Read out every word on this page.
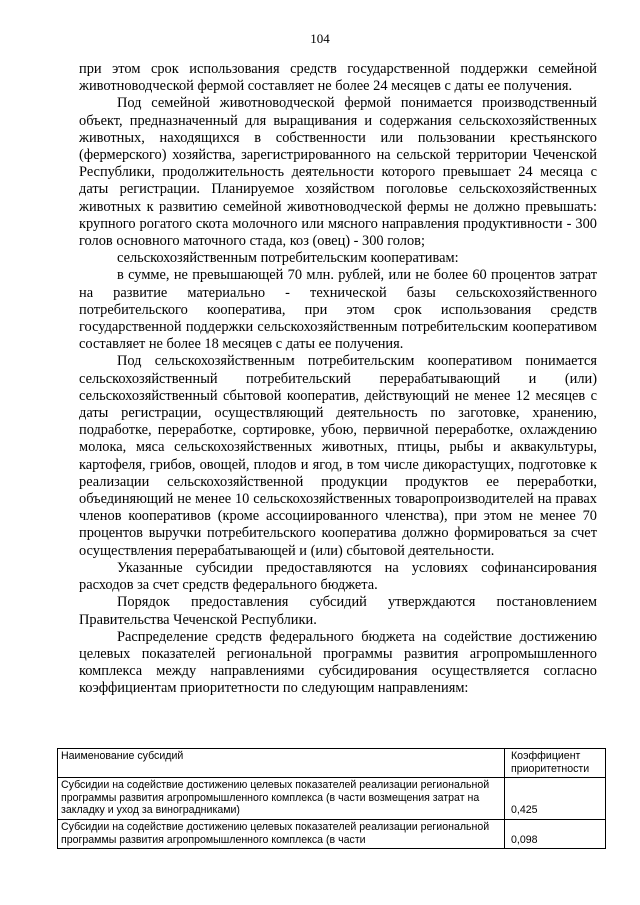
104

при этом срок использования средств государственной поддержки семейной животноводческой фермой составляет не более 24 месяцев с даты ее получения.

Под семейной животноводческой фермой понимается производственный объект, предназначенный для выращивания и содержания сельскохозяйственных животных, находящихся в собственности или пользовании крестьянского (фермерского) хозяйства, зарегистрированного на сельской территории Чеченской Республики, продолжительность деятельности которого превышает 24 месяца с даты регистрации. Планируемое хозяйством поголовье сельскохозяйственных животных к развитию семейной животноводческой фермы не должно превышать: крупного рогатого скота молочного или мясного направления продуктивности - 300 голов основного маточного стада, коз (овец) - 300 голов;

сельскохозяйственным потребительским кооперативам:

в сумме, не превышающей 70 млн. рублей, или не более 60 процентов затрат на развитие материально - технической базы сельскохозяйственного потребительского кооператива, при этом срок использования средств государственной поддержки сельскохозяйственным потребительским кооперативом составляет не более 18 месяцев с даты ее получения.

Под сельскохозяйственным потребительским кооперативом понимается сельскохозяйственный потребительский перерабатывающий и (или) сельскохозяйственный сбытовой кооператив, действующий не менее 12 месяцев с даты регистрации, осуществляющий деятельность по заготовке, хранению, подработке, переработке, сортировке, убою, первичной переработке, охлаждению молока, мяса сельскохозяйственных животных, птицы, рыбы и аквакультуры, картофеля, грибов, овощей, плодов и ягод, в том числе дикорастущих, подготовке к реализации сельскохозяйственной продукции продуктов ее переработки, объединяющий не менее 10 сельскохозяйственных товаропроизводителей на правах членов кооперативов (кроме ассоциированного членства), при этом не менее 70 процентов выручки потребительского кооператива должно формироваться за счет осуществления перерабатывающей и (или) сбытовой деятельности.

Указанные субсидии предоставляются на условиях софинансирования расходов за счет средств федерального бюджета.

Порядок предоставления субсидий утверждаются постановлением Правительства Чеченской Республики.

Распределение средств федерального бюджета на содействие достижению целевых показателей региональной программы развития агропромышленного комплекса между направлениями субсидирования осуществляется согласно коэффициентам приоритетности по следующим направлениям:

Наименование субсидий	Коэффициент приоритетности
Субсидии на содействие достижению целевых показателей реализации региональной программы развития агропромышленного комплекса (в части возмещения затрат на закладку и уход за виноградниками)	0,425
Субсидии на содействие достижению целевых показателей реализации региональной программы развития агропромышленного комплекса (в части	0,098
